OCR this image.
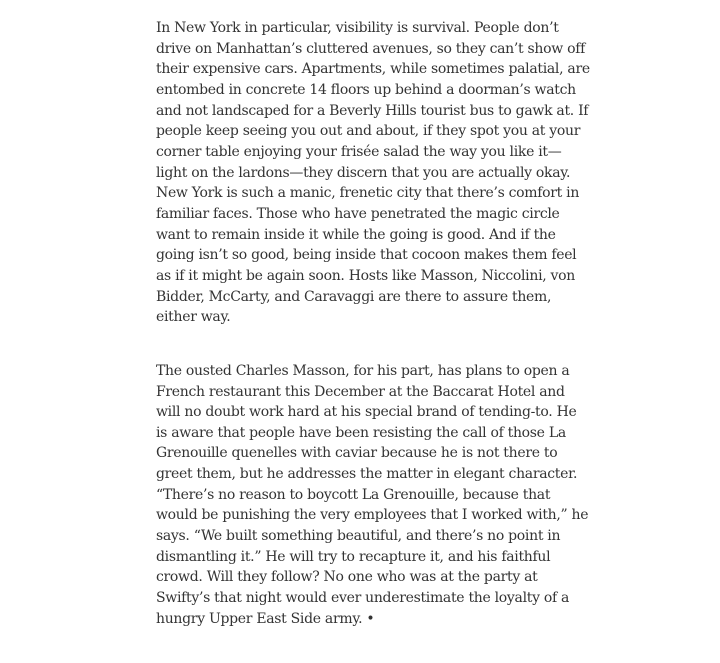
In New York in particular, visibility is survival. People don’t
drive on Manhattan’s cluttered avenues, so they can’t show off
their expensive cars. Apartments, while sometimes palatial, are
entombed in concrete 14 floors up behind a doorman’s watch
and not landscaped for a Beverly Hills tourist bus to gawk at. If
people keep seeing you out and about, if they spot you at your
corner table enjoying your frisée salad the way you like it—
light on the lardons—they discern that you are actually okay.
New York is such a manic, frenetic city that there’s comfort in
familiar faces. Those who have penetrated the magic circle
want to remain inside it while the going is good. And if the
going isn’t so good, being inside that cocoon makes them feel
as if it might be again soon. Hosts like Masson, Niccolini, von
Bidder, McCarty, and Caravaggi are there to assure them,
either way.
The ousted Charles Masson, for his part, has plans to open a
French restaurant this December at the Baccarat Hotel and
will no doubt work hard at his special brand of tending-to. He
is aware that people have been resisting the call of those La
Grenouille quenelles with caviar because he is not there to
greet them, but he addresses the matter in elegant character.
“There’s no reason to boycott La Grenouille, because that
would be punishing the very employees that I worked with,” he
says. “We built something beautiful, and there’s no point in
dismantling it.” He will try to recapture it, and his faithful
crowd. Will they follow? No one who was at the party at
Swifty’s that night would ever underestimate the loyalty of a
hungry Upper East Side army. •
